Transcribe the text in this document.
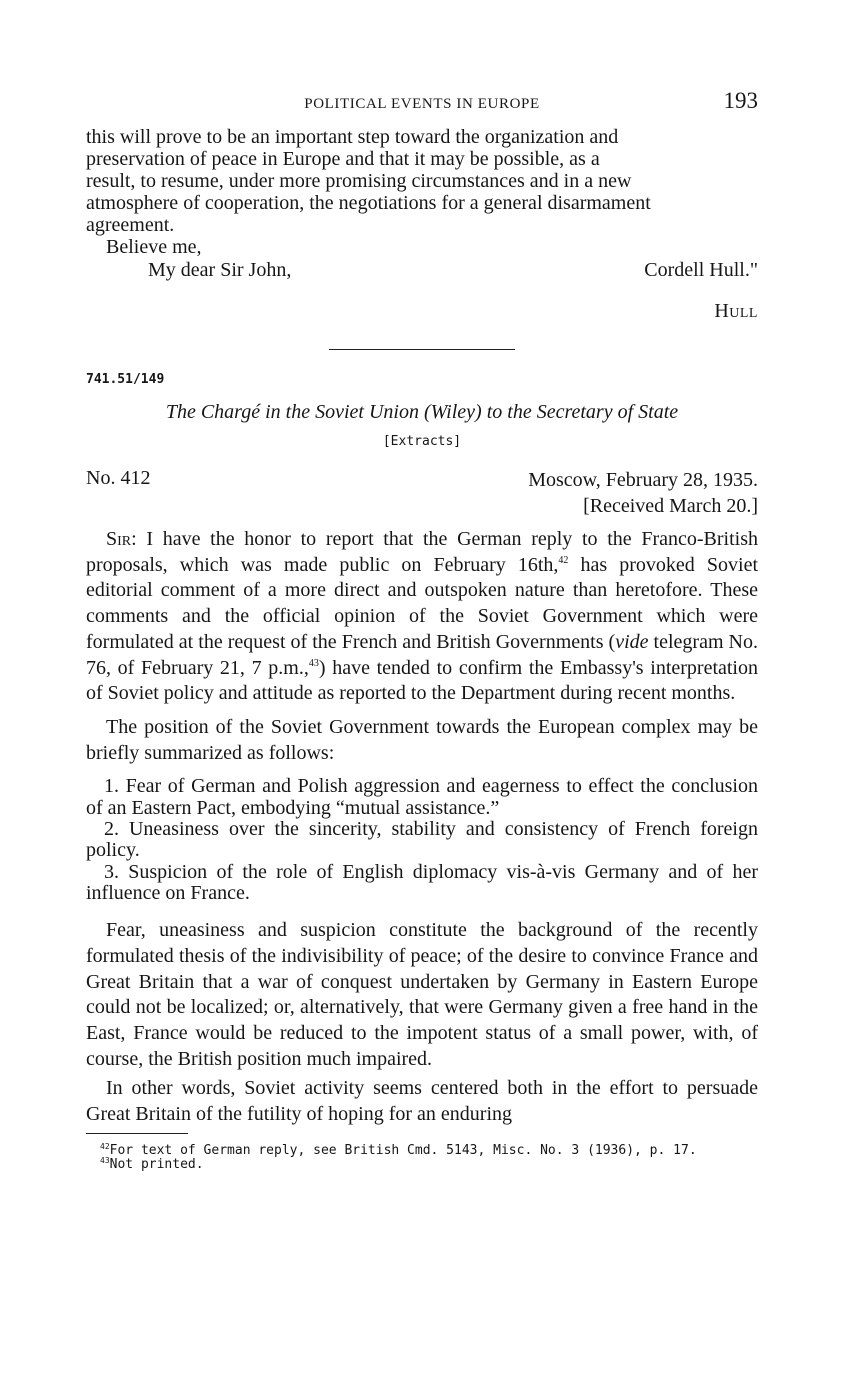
POLITICAL EVENTS IN EUROPE	193

this will prove to be an important step toward the organization and
preservation of peace in Europe and that it may be possible, as a
result, to resume, under more promising circumstances and in a new
atmosphere of cooperation, the negotiations for a general disarmament
agreement.

Believe me,
My dear Sir John,	Cordell Hull."
Hull
741.51/149
The Chargé in the Soviet Union (Wiley) to the Secretary of State
[Extracts]
No. 412	Moscow, February 28, 1935.
[Received March 20.]

Sir: I have the honor to report that the German reply to the Franco-British proposals, which was made public on February 16th,$^{42}$ has provoked Soviet editorial comment of a more direct and outspoken nature than heretofore. These comments and the official opinion of the Soviet Government which were formulated at the request of the French and British Governments (vide telegram No. 76, of February 21, 7 p.m.,$^{43}$) have tended to confirm the Embassy's interpretation of Soviet policy and attitude as reported to the Department during recent months.

The position of the Soviet Government towards the European complex may be briefly summarized as follows:

1. Fear of German and Polish aggression and eagerness to effect the conclusion of an Eastern Pact, embodying “mutual assistance.”

2. Uneasiness over the sincerity, stability and consistency of French foreign policy.

3. Suspicion of the role of English diplomacy vis-à-vis Germany and of her influence on France.

Fear, uneasiness and suspicion constitute the background of the recently formulated thesis of the indivisibility of peace; of the desire to convince France and Great Britain that a war of conquest undertaken by Germany in Eastern Europe could not be localized; or, alternatively, that were Germany given a free hand in the East, France would be reduced to the impotent status of a small power, with, of course, the British position much impaired.

In other words, Soviet activity seems centered both in the effort to persuade Great Britain of the futility of hoping for an enduring

$^{42}$For text of German reply, see British Cmd. 5143, Misc. No. 3 (1936), p. 17.
$^{43}$Not printed.
